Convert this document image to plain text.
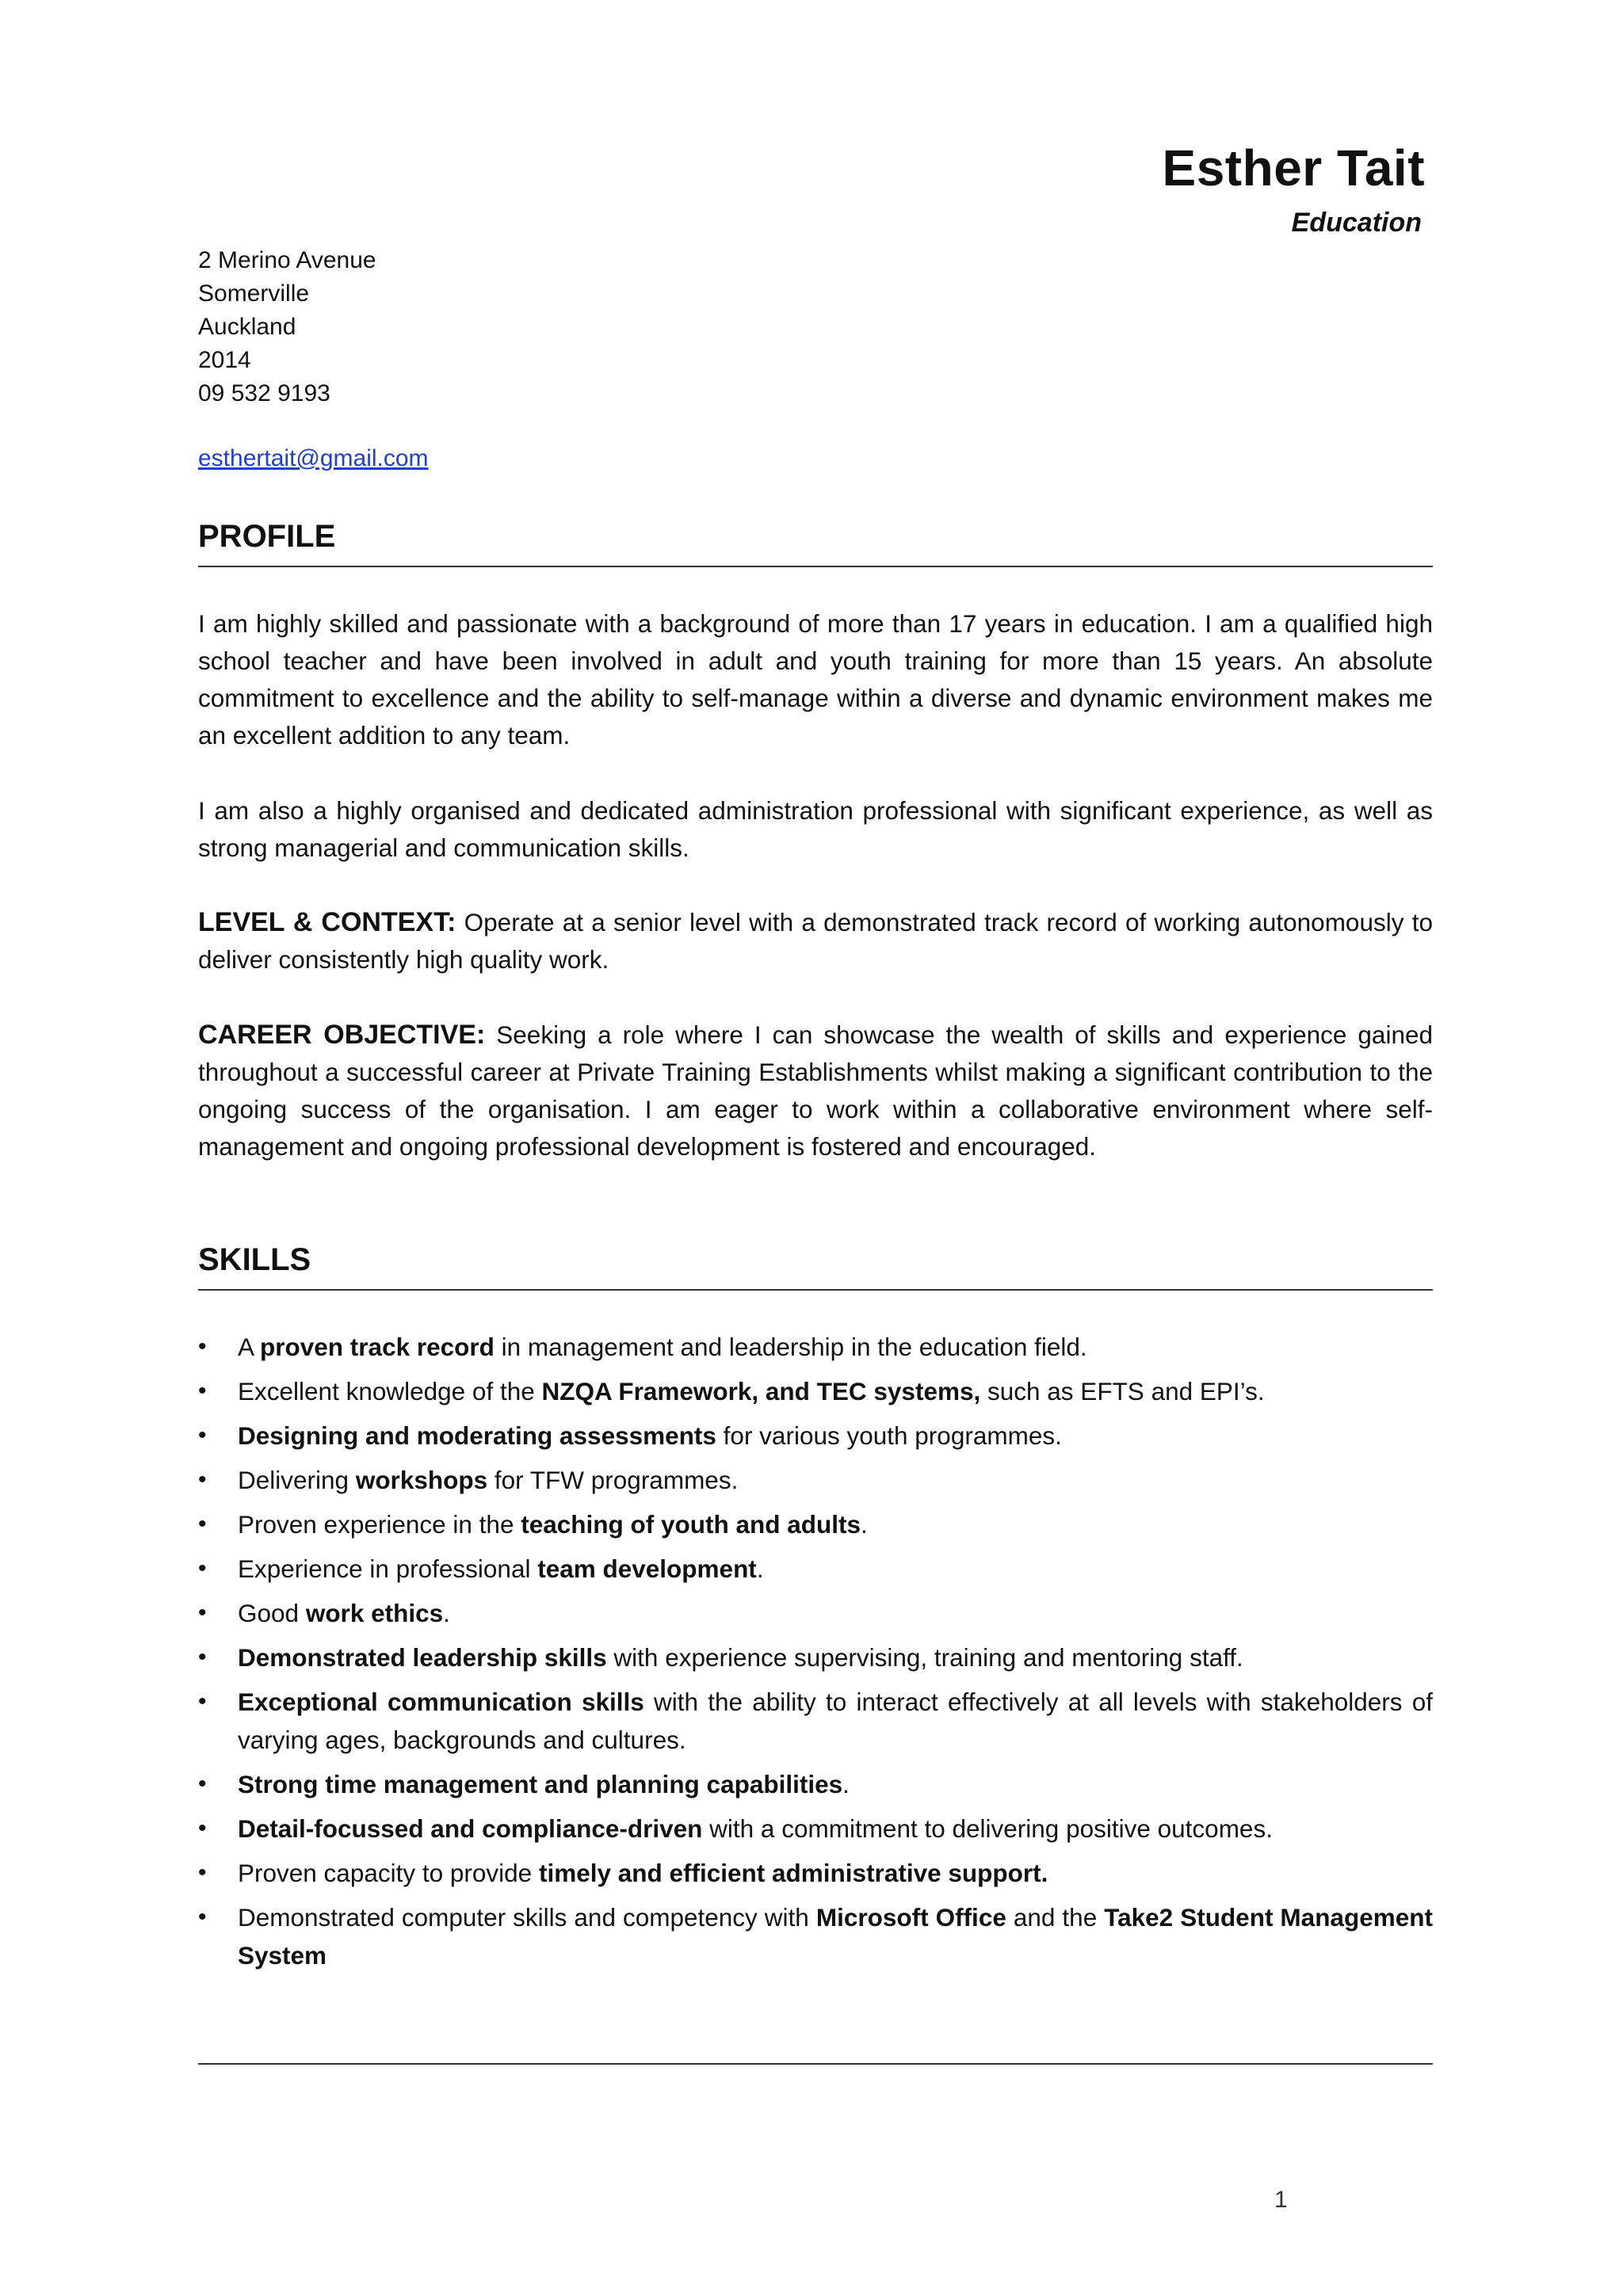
Esther Tait
Education
2 Merino Avenue
Somerville
Auckland
2014
09 532 9193
esthertait@gmail.com
PROFILE
I am highly skilled and passionate with a background of more than 17 years in education. I am a qualified high school teacher and have been involved in adult and youth training for more than 15 years. An absolute commitment to excellence and the ability to self-manage within a diverse and dynamic environment makes me an excellent addition to any team.
I am also a highly organised and dedicated administration professional with significant experience, as well as strong managerial and communication skills.
LEVEL & CONTEXT: Operate at a senior level with a demonstrated track record of working autonomously to deliver consistently high quality work.
CAREER OBJECTIVE: Seeking a role where I can showcase the wealth of skills and experience gained throughout a successful career at Private Training Establishments whilst making a significant contribution to the ongoing success of the organisation. I am eager to work within a collaborative environment where self-management and ongoing professional development is fostered and encouraged.
SKILLS
• A proven track record in management and leadership in the education field.
• Excellent knowledge of the NZQA Framework, and TEC systems, such as EFTS and EPI’s.
• Designing and moderating assessments for various youth programmes.
• Delivering workshops for TFW programmes.
• Proven experience in the teaching of youth and adults.
• Experience in professional team development.
• Good work ethics.
• Demonstrated leadership skills with experience supervising, training and mentoring staff.
• Exceptional communication skills with the ability to interact effectively at all levels with stakeholders of varying ages, backgrounds and cultures.
• Strong time management and planning capabilities.
• Detail-focussed and compliance-driven with a commitment to delivering positive outcomes.
• Proven capacity to provide timely and efficient administrative support.
• Demonstrated computer skills and competency with Microsoft Office and the Take2 Student Management System
1
